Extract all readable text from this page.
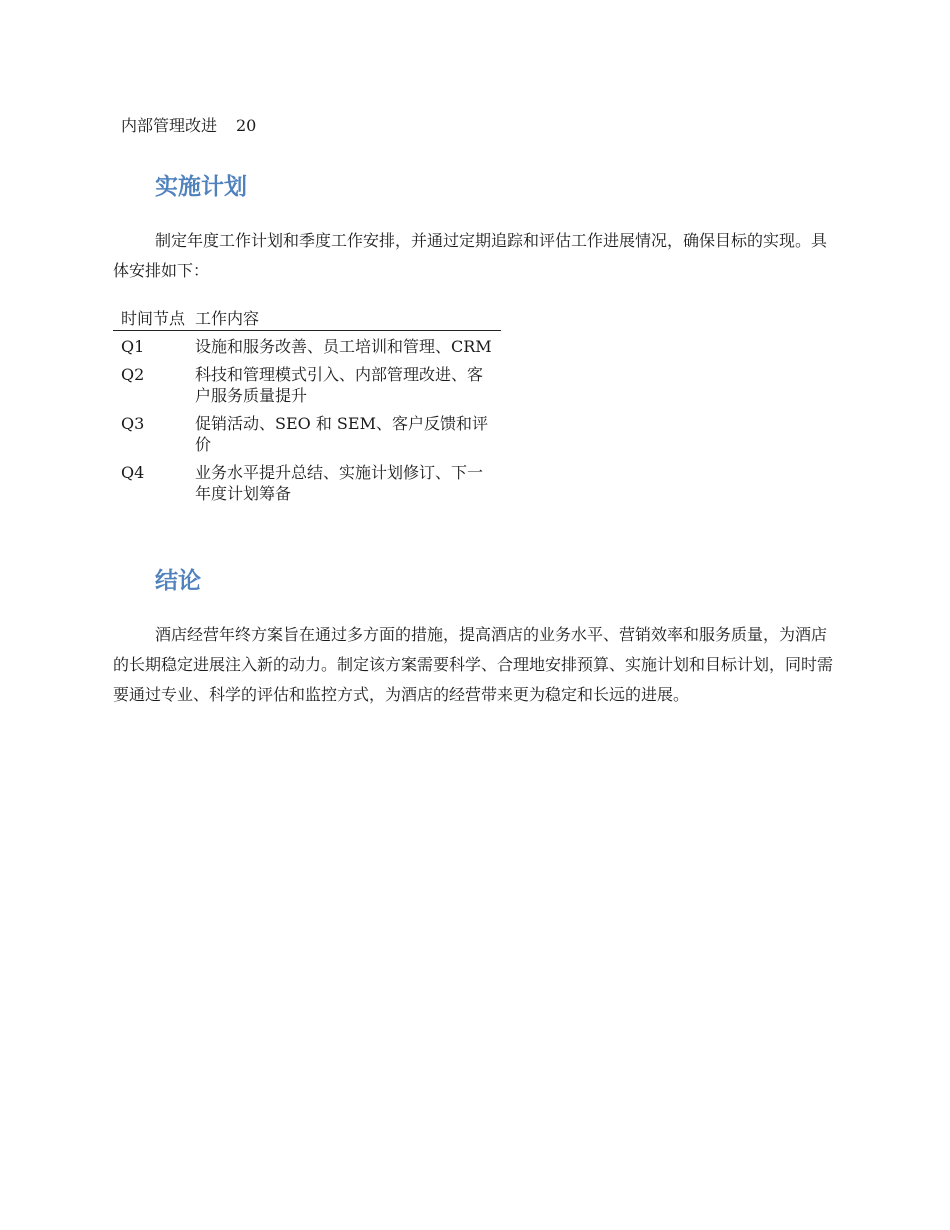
内部管理改进	20
实施计划

制定年度工作计划和季度工作安排，并通过定期追踪和评估工作进展情况，确保目标的实现。具体安排如下：

时间节点	工作内容
Q1	设施和服务改善、员工培训和管理、CRM
Q2	科技和管理模式引入、内部管理改进、客户服务质量提升
Q3	促销活动、SEO 和 SEM、客户反馈和评价
Q4	业务水平提升总结、实施计划修订、下一年度计划筹备
结论

酒店经营年终方案旨在通过多方面的措施，提高酒店的业务水平、营销效率和服务质量，为酒店的长期稳定进展注入新的动力。制定该方案需要科学、合理地安排预算、实施计划和目标计划，同时需要通过专业、科学的评估和监控方式，为酒店的经营带来更为稳定和长远的进展。
